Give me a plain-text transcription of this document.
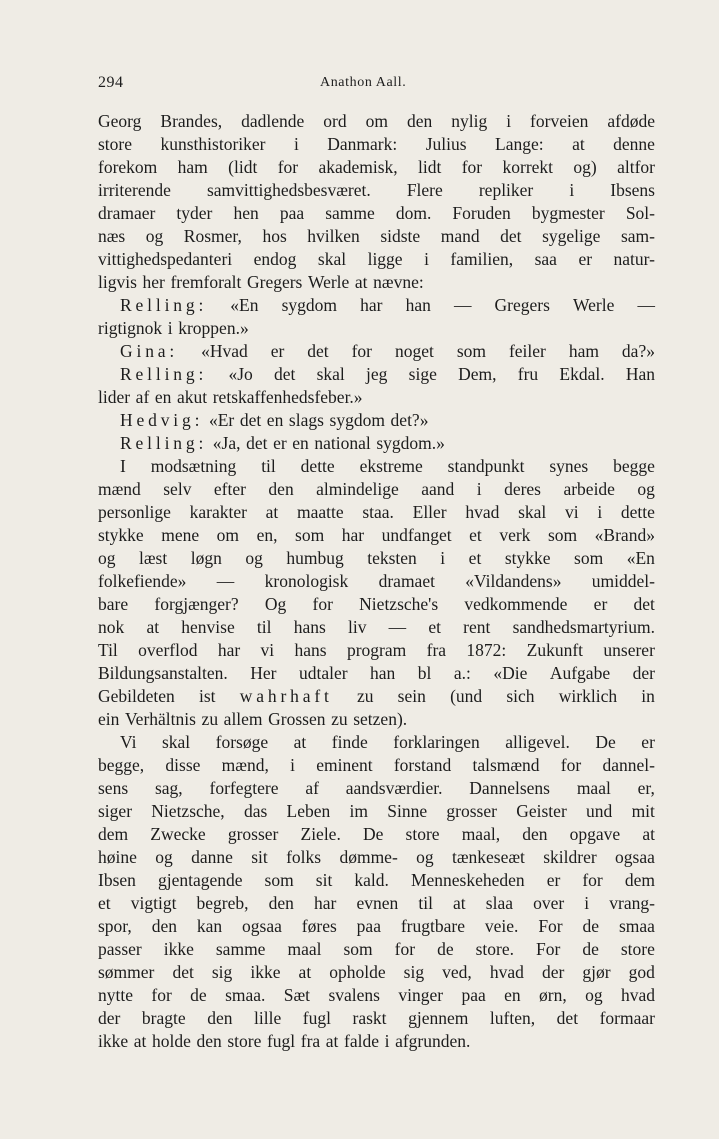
294	Anathon Aall.
Georg Brandes, dadlende ord om den nylig i forveien afdøde
store kunsthistoriker i Danmark: Julius Lange: at denne
forekom ham (lidt for akademisk, lidt for korrekt og) altfor
irriterende samvittighedsbesværet. Flere repliker i Ibsens
dramaer tyder hen paa samme dom. Foruden bygmester Sol-
næs og Rosmer, hos hvilken sidste mand det sygelige sam-
vittighedspedanteri endog skal ligge i familien, saa er natur-
ligvis her fremforalt Gregers Werle at nævne:
Relling: «En sygdom har han — Gregers Werle —
rigtignok i kroppen.»
Gina: «Hvad er det for noget som feiler ham da?»
Relling: «Jo det skal jeg sige Dem, fru Ekdal. Han
lider af en akut retskaffenhedsfeber.»
Hedvig: «Er det en slags sygdom det?»
Relling: «Ja, det er en national sygdom.»
I modsætning til dette ekstreme standpunkt synes begge
mænd selv efter den almindelige aand i deres arbeide og
personlige karakter at maatte staa. Eller hvad skal vi i dette
stykke mene om en, som har undfanget et verk som «Brand»
og læst løgn og humbug teksten i et stykke som «En
folkefiende» — kronologisk dramaet «Vildandens» umiddel-
bare forgjænger? Og for Nietzsche's vedkommende er det
nok at henvise til hans liv — et rent sandhedsmartyrium.
Til overflod har vi hans program fra 1872: Zukunft unserer
Bildungsanstalten. Her udtaler han bl a.: «Die Aufgabe der
Gebildeten ist wahrhaft zu sein (und sich wirklich in
ein Verhältnis zu allem Grossen zu setzen).
Vi skal forsøge at finde forklaringen alligevel. De er
begge, disse mænd, i eminent forstand talsmænd for dannel-
sens sag, forfegtere af aandsværdier. Dannelsens maal er,
siger Nietzsche, das Leben im Sinne grosser Geister und mit
dem Zwecke grosser Ziele. De store maal, den opgave at
høine og danne sit folks dømme- og tænkeseæt skildrer ogsaa
Ibsen gjentagende som sit kald. Menneskeheden er for dem
et vigtigt begreb, den har evnen til at slaa over i vrang-
spor, den kan ogsaa føres paa frugtbare veie. For de smaa
passer ikke samme maal som for de store. For de store
sømmer det sig ikke at opholde sig ved, hvad der gjør god
nytte for de smaa. Sæt svalens vinger paa en ørn, og hvad
der bragte den lille fugl raskt gjennem luften, det formaar
ikke at holde den store fugl fra at falde i afgrunden.
